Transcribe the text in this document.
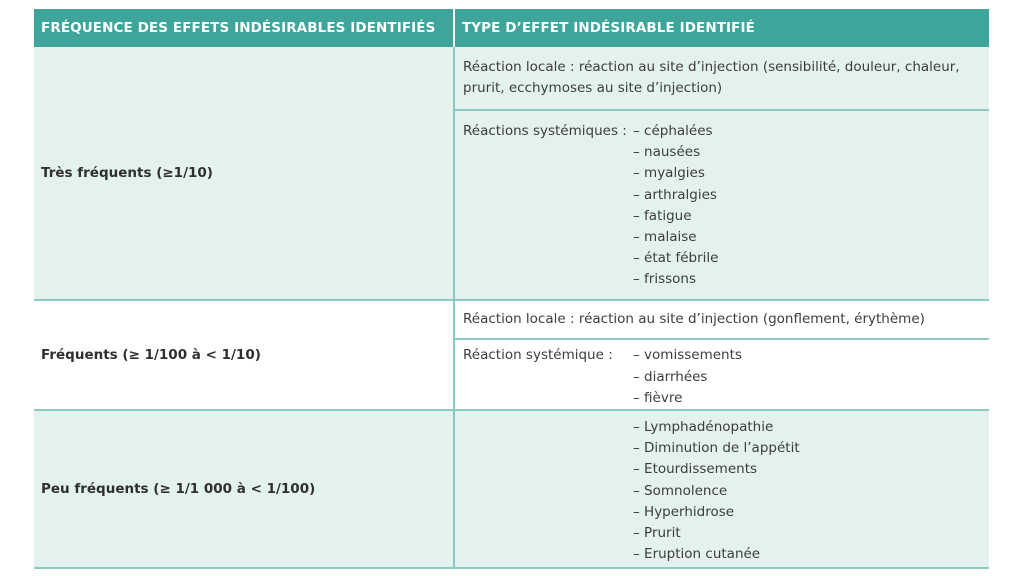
FRÉQUENCE DES EFFETS INDÉSIRABLES IDENTIFIÉS	TYPE D’EFFET INDÉSIRABLE IDENTIFIÉ
Très fréquents (≥1/10)
Réaction locale : réaction au site d’injection (sensibilité, douleur, chaleur,
prurit, ecchymoses au site d’injection)
Réactions systémiques : – céphalées
– nausées
– myalgies
– arthralgies
– fatigue
– malaise
– état fébrile
– frissons
Fréquents (≥ 1/100 à < 1/10)
Réaction locale : réaction au site d’injection (gonflement, érythème)
Réaction systémique :	– vomissements
– diarrhées
– fièvre
Peu fréquents (≥ 1/1 000 à < 1/100)
– Lymphadénopathie
– Diminution de l’appétit
– Etourdissements
– Somnolence
– Hyperhidrose
– Prurit
– Eruption cutanée
